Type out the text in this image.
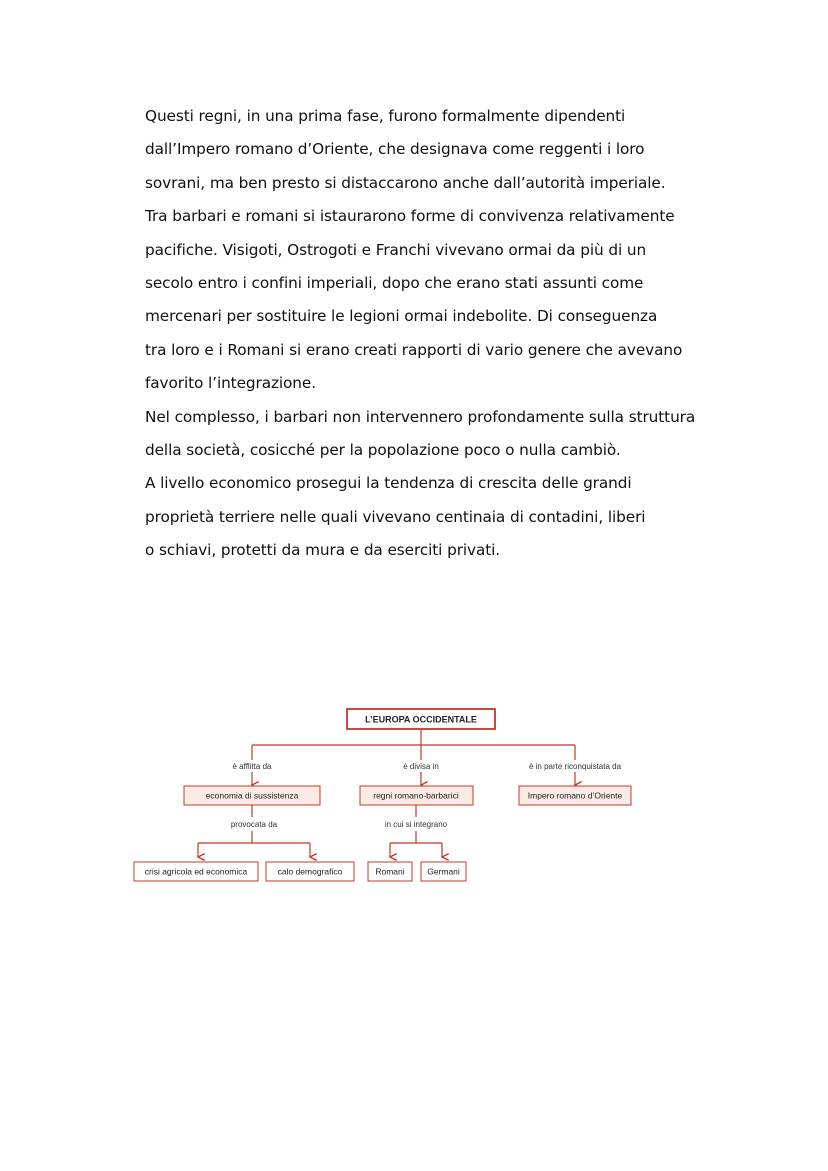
Questi regni, in una prima fase, furono formalmente dipendenti
dall’Impero romano d’Oriente, che designava come reggenti i loro
sovrani, ma ben presto si distaccarono anche dall’autorità imperiale.
Tra barbari e romani si istaurarono forme di convivenza relativamente
pacifiche. Visigoti, Ostrogoti e Franchi vivevano ormai da più di un
secolo entro i confini imperiali, dopo che erano stati assunti come
mercenari per sostituire le legioni ormai indebolite. Di conseguenza
tra loro e i Romani si erano creati rapporti di vario genere che avevano
favorito l’integrazione.
Nel complesso, i barbari non intervennero profondamente sulla struttura
della società, cosicché per la popolazione poco o nulla cambiò.
A livello economico prosegui la tendenza di crescita delle grandi
proprietà terriere nelle quali vivevano centinaia di contadini, liberi
o schiavi, protetti da mura e da eserciti privati.
L’EUROPA OCCIDENTALE
è afflitta da	è divisa in	è in parte riconquistata da
economia di sussistenza	regni romano-barbarici	Impero romano d’Oriente
provocata da
crisi agricola ed economica	calo demografico
in cui si integrano
Romani	Germani
